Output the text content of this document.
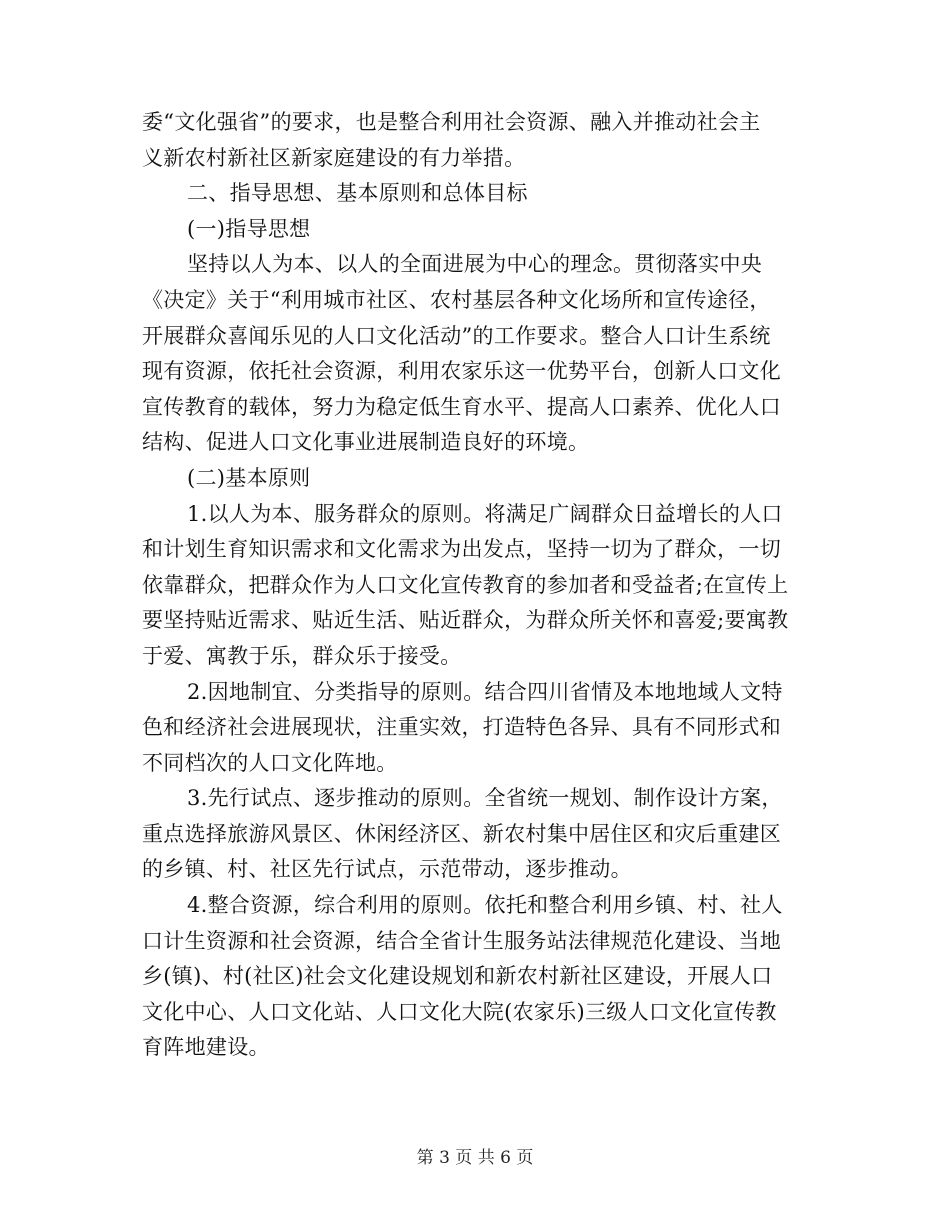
委“文化强省”的要求，也是整合利用社会资源、融入并推动社会主
义新农村新社区新家庭建设的有力举措。
二、指导思想、基本原则和总体目标
(一)指导思想
坚持以人为本、以人的全面进展为中心的理念。贯彻落实中央
《决定》关于“利用城市社区、农村基层各种文化场所和宣传途径，
开展群众喜闻乐见的人口文化活动”的工作要求。整合人口计生系统
现有资源，依托社会资源，利用农家乐这一优势平台，创新人口文化
宣传教育的载体，努力为稳定低生育水平、提高人口素养、优化人口
结构、促进人口文化事业进展制造良好的环境。
(二)基本原则
1.以人为本、服务群众的原则。将满足广阔群众日益增长的人口
和计划生育知识需求和文化需求为出发点，坚持一切为了群众，一切
依靠群众，把群众作为人口文化宣传教育的参加者和受益者;在宣传上
要坚持贴近需求、贴近生活、贴近群众，为群众所关怀和喜爱;要寓教
于爱、寓教于乐，群众乐于接受。
2.因地制宜、分类指导的原则。结合四川省情及本地地域人文特
色和经济社会进展现状，注重实效，打造特色各异、具有不同形式和
不同档次的人口文化阵地。
3.先行试点、逐步推动的原则。全省统一规划、制作设计方案，
重点选择旅游风景区、休闲经济区、新农村集中居住区和灾后重建区
的乡镇、村、社区先行试点，示范带动，逐步推动。
4.整合资源，综合利用的原则。依托和整合利用乡镇、村、社人
口计生资源和社会资源，结合全省计生服务站法律规范化建设、当地
乡(镇)、村(社区)社会文化建设规划和新农村新社区建设，开展人口
文化中心、人口文化站、人口文化大院(农家乐)三级人口文化宣传教
育阵地建设。
第 3 页 共 6 页
